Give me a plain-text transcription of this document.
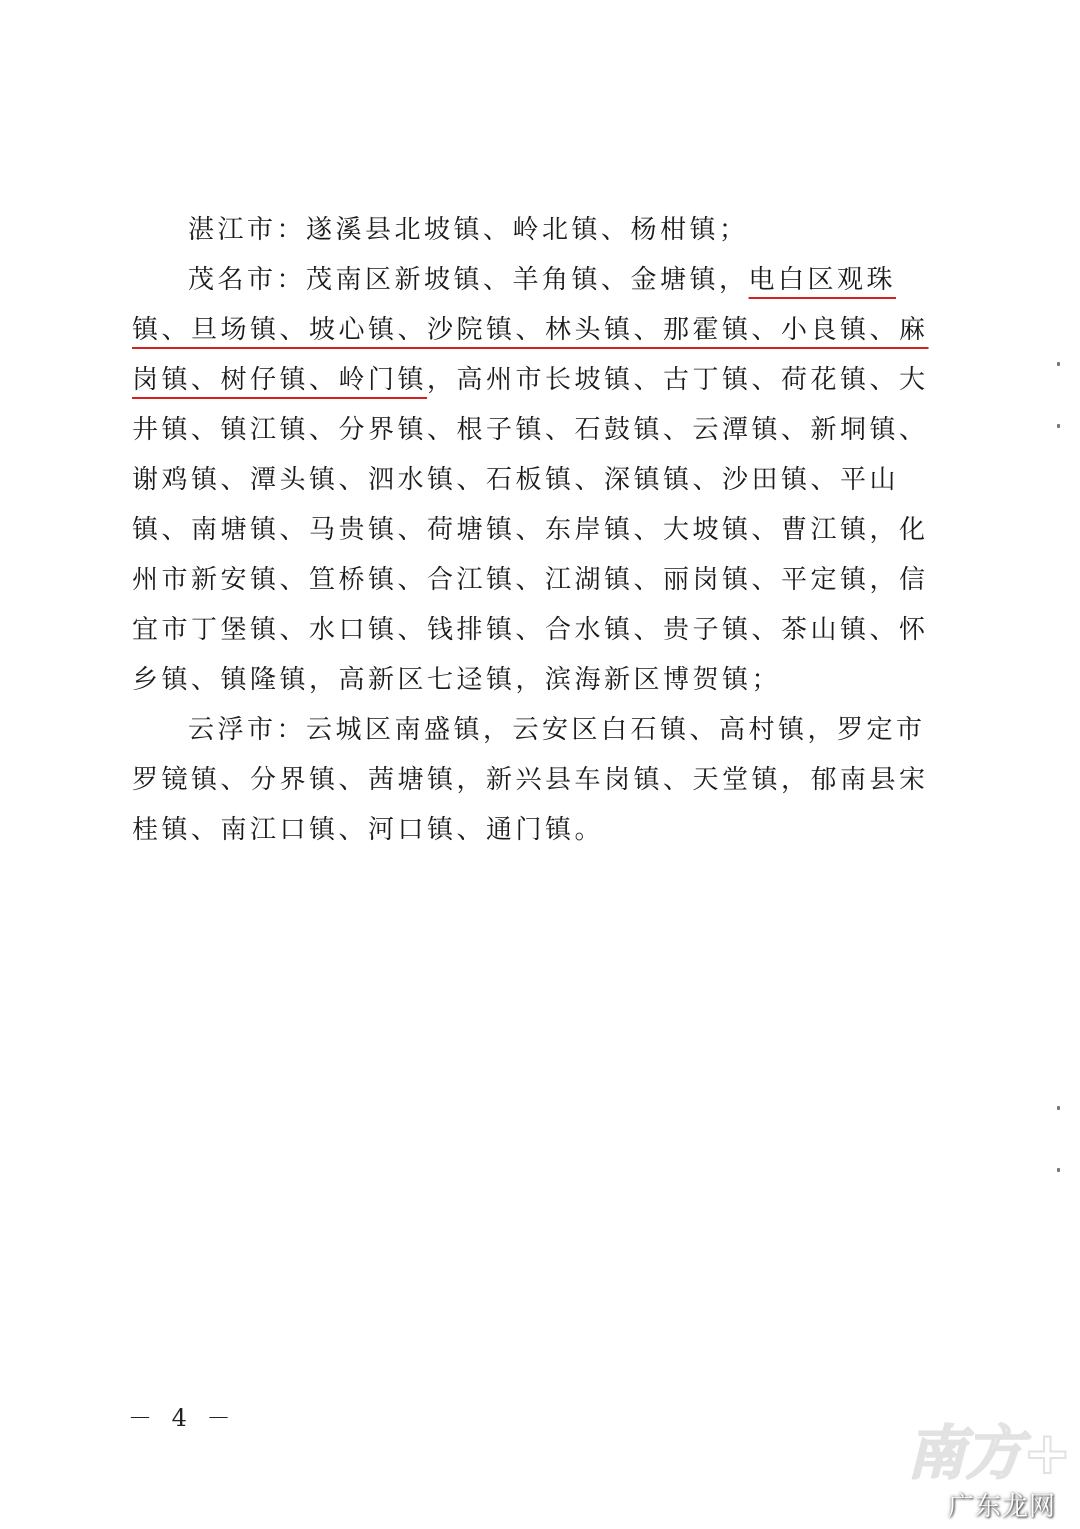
湛江市：遂溪县北坡镇、岭北镇、杨柑镇；

茂名市：茂南区新坡镇、羊角镇、金塘镇，电白区观珠镇、旦场镇、坡心镇、沙院镇、林头镇、那霍镇、小良镇、麻岗镇、树仔镇、岭门镇，高州市长坡镇、古丁镇、荷花镇、大井镇、镇江镇、分界镇、根子镇、石鼓镇、云潭镇、新垌镇、谢鸡镇、潭头镇、泗水镇、石板镇、深镇镇、沙田镇、平山镇、南塘镇、马贵镇、荷塘镇、东岸镇、大坡镇、曹江镇，化州市新安镇、笪桥镇、合江镇、江湖镇、丽岗镇、平定镇，信宜市丁堡镇、水口镇、钱排镇、合水镇、贵子镇、茶山镇、怀乡镇、镇隆镇，高新区七迳镇，滨海新区博贺镇；

云浮市：云城区南盛镇，云安区白石镇、高村镇，罗定市罗镜镇、分界镇、茜塘镇，新兴县车岗镇、天堂镇，郁南县宋桂镇、南江口镇、河口镇、通门镇。

－ 4 －
南方+
广东龙网
